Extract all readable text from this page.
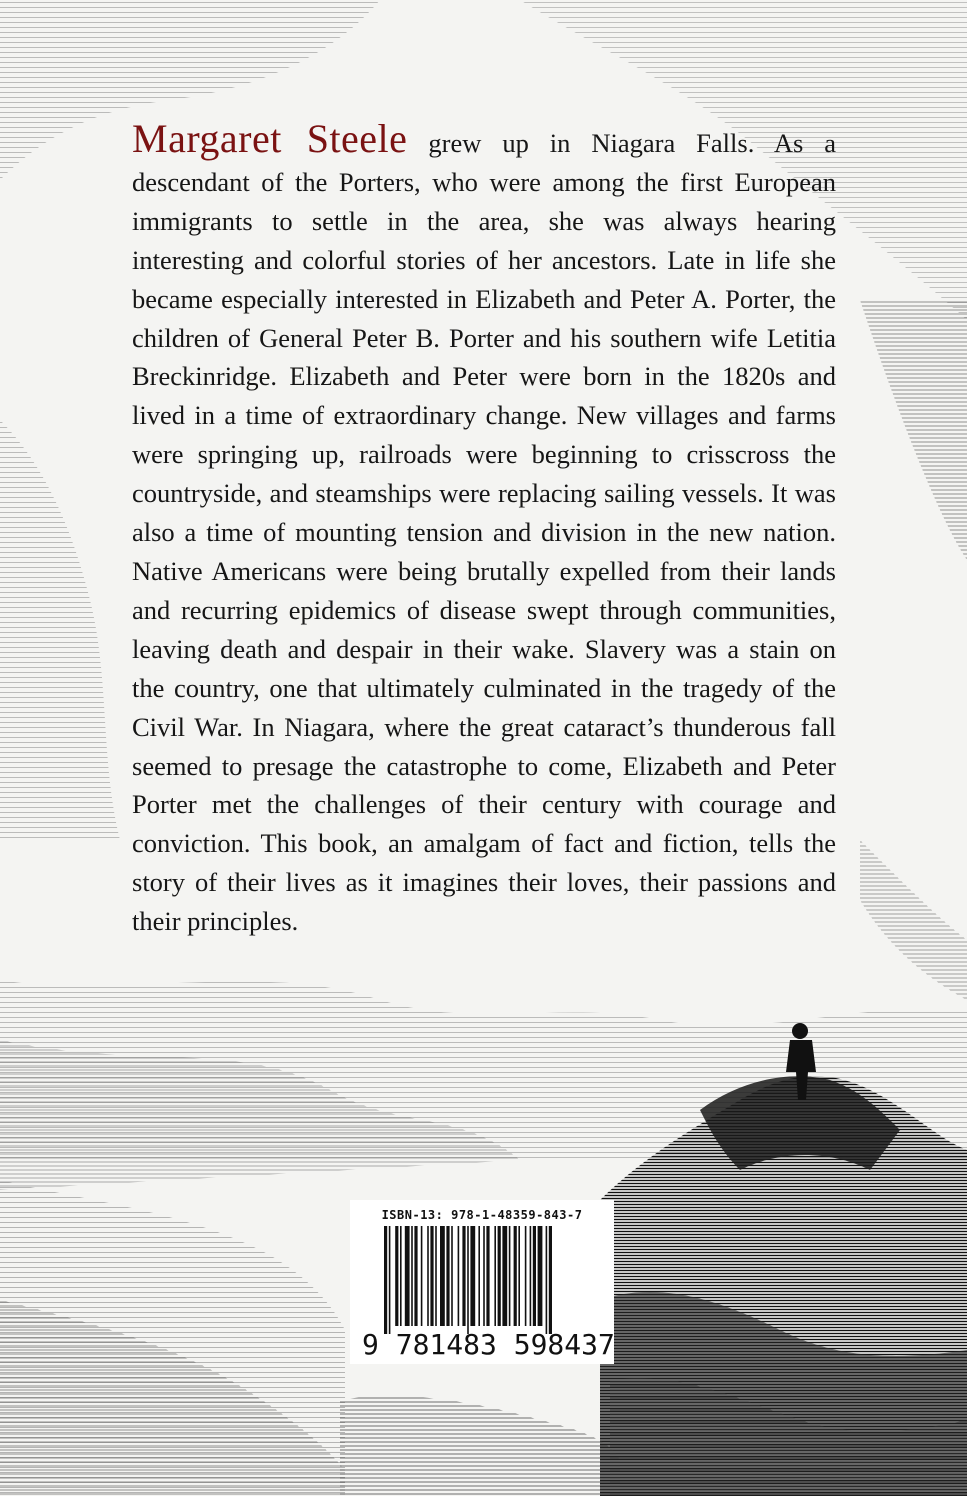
Margaret Steele grew up in Niagara Falls. As a descendant of the Porters, who were among the first European immigrants to settle in the area, she was always hearing interesting and colorful stories of her ancestors. Late in life she became especially interested in Elizabeth and Peter A. Porter, the children of General Peter B. Porter and his southern wife Letitia Breckinridge. Elizabeth and Peter were born in the 1820s and lived in a time of extraordinary change. New villages and farms were springing up, railroads were beginning to crisscross the countryside, and steamships were replacing sailing vessels. It was also a time of mounting tension and division in the new nation. Native Americans were being brutally expelled from their lands and recurring epidemics of disease swept through communities, leaving death and despair in their wake. Slavery was a stain on the country, one that ultimately culminated in the tragedy of the Civil War. In Niagara, where the great cataract’s thunderous fall seemed to presage the catastrophe to come, Elizabeth and Peter Porter met the challenges of their century with courage and conviction. This book, an amalgam of fact and fiction, tells the story of their lives as it imagines their loves, their passions and their principles.

ISBN-13: 978-1-48359-843-7
9 781483 598437
